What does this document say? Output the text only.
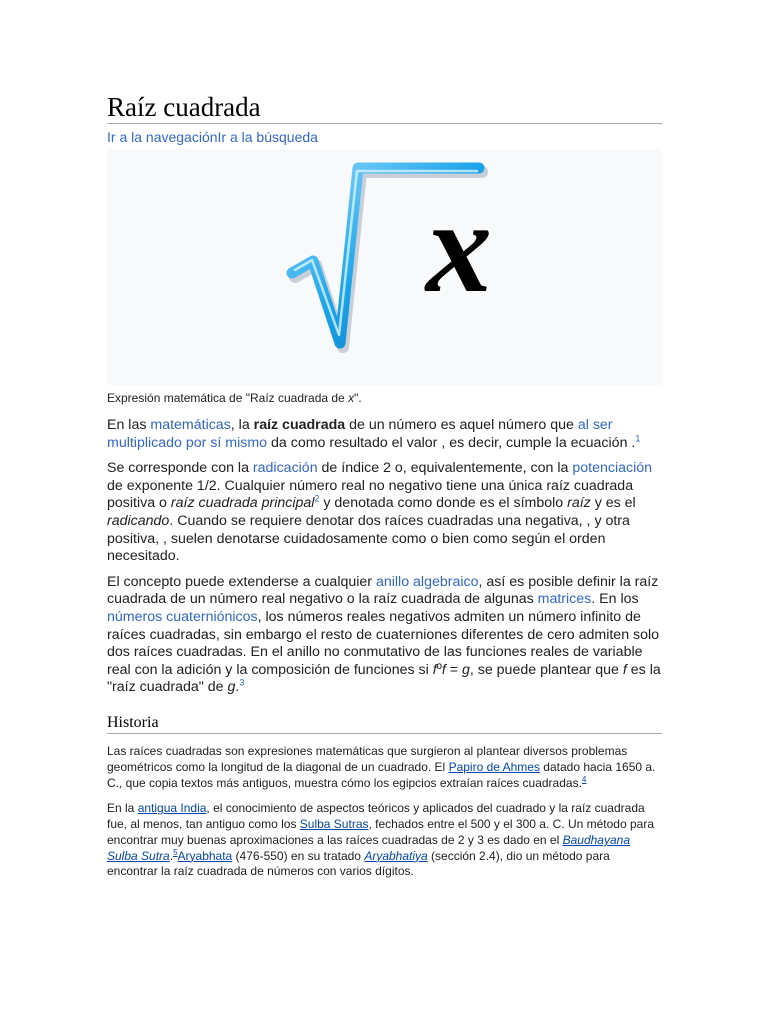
Raíz cuadrada
Ir a la navegaciónIr a la búsqueda
x
Expresión matemática de "Raíz cuadrada de x".

En las matemáticas, la raíz cuadrada de un número es aquel número que al ser multiplicado por sí mismo da como resultado el valor , es decir, cumple la ecuación .$^1$

Se corresponde con la radicación de índice 2 o, equivalentemente, con la potenciación de exponente 1/2. Cualquier número real no negativo tiene una única raíz cuadrada positiva o raíz cuadrada principal$^2$ y denotada como donde es el símbolo raíz y es el radicando. Cuando se requiere denotar dos raíces cuadradas una negativa, , y otra positiva, , suelen denotarse cuidadosamente como o bien como según el orden necesitado.

El concepto puede extenderse a cualquier anillo algebraico, así es posible definir la raíz cuadrada de un número real negativo o la raíz cuadrada de algunas matrices. En los números cuaterniónicos, los números reales negativos admiten un número infinito de raíces cuadradas, sin embargo el resto de cuaterniones diferentes de cero admiten solo dos raíces cuadradas. En el anillo no conmutativo de las funciones reales de variable real con la adición y la composición de funciones si fºf = g, se puede plantear que f es la "raíz cuadrada" de g.$^3$

Historia

Las raíces cuadradas son expresiones matemáticas que surgieron al plantear diversos problemas geométricos como la longitud de la diagonal de un cuadrado. El Papiro de Ahmes datado hacia 1650 a. C., que copia textos más antiguos, muestra cómo los egipcios extraían raíces cuadradas.$^4$

En la antigua India, el conocimiento de aspectos teóricos y aplicados del cuadrado y la raíz cuadrada fue, al menos, tan antiguo como los Sulba Sutras, fechados entre el 500 y el 300 a. C. Un método para encontrar muy buenas aproximaciones a las raíces cuadradas de 2 y 3 es dado en el Baudhayana Sulba Sutra.$^5$Aryabhata (476-550) en su tratado Aryabhatiya (sección 2.4), dio un método para encontrar la raíz cuadrada de números con varios dígitos.
